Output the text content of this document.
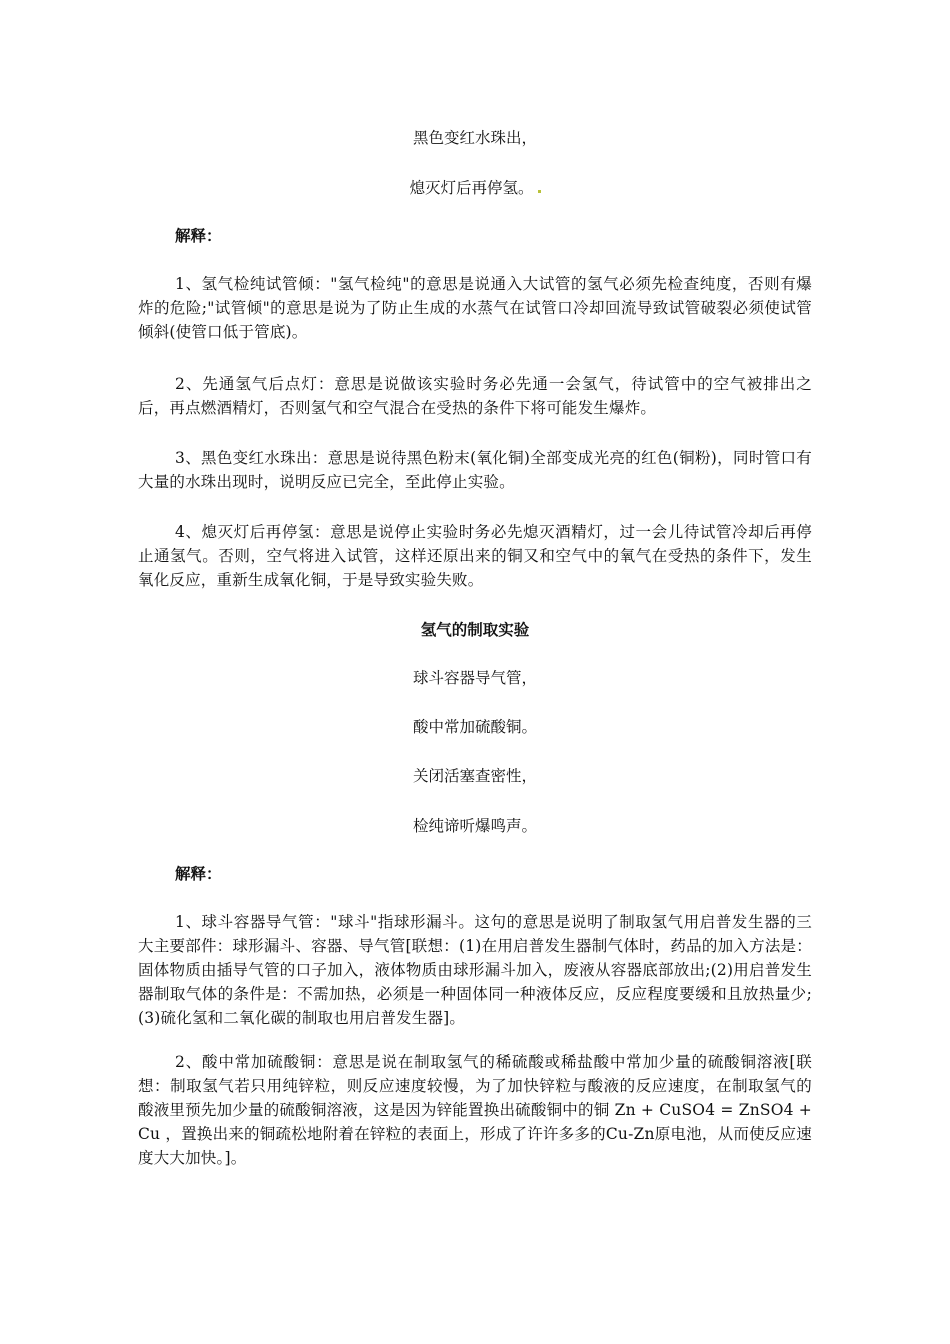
黑色变红水珠出，
熄灭灯后再停氢。
解释：
1、氢气检纯试管倾："氢气检纯"的意思是说通入大试管的氢气必须先检查纯度，否则有爆炸的危险;"试管倾"的意思是说为了防止生成的水蒸气在试管口冷却回流导致试管破裂必须使试管倾斜(使管口低于管底)。
2、先通氢气后点灯：意思是说做该实验时务必先通一会氢气，待试管中的空气被排出之后，再点燃酒精灯，否则氢气和空气混合在受热的条件下将可能发生爆炸。
3、黑色变红水珠出：意思是说待黑色粉末(氧化铜)全部变成光亮的红色(铜粉)，同时管口有大量的水珠出现时，说明反应已完全，至此停止实验。
4、熄灭灯后再停氢：意思是说停止实验时务必先熄灭酒精灯，过一会儿待试管冷却后再停止通氢气。否则，空气将进入试管，这样还原出来的铜又和空气中的氧气在受热的条件下，发生氧化反应，重新生成氧化铜，于是导致实验失败。
氢气的制取实验
球斗容器导气管，
酸中常加硫酸铜。
关闭活塞查密性，
检纯谛听爆鸣声。
解释：
1、球斗容器导气管："球斗"指球形漏斗。这句的意思是说明了制取氢气用启普发生器的三大主要部件：球形漏斗、容器、导气管[联想：(1)在用启普发生器制气体时，药品的加入方法是：固体物质由插导气管的口子加入，液体物质由球形漏斗加入，废液从容器底部放出;(2)用启普发生器制取气体的条件是：不需加热，必须是一种固体同一种液体反应，反应程度要缓和且放热量少;(3)硫化氢和二氧化碳的制取也用启普发生器]。
2、酸中常加硫酸铜：意思是说在制取氢气的稀硫酸或稀盐酸中常加少量的硫酸铜溶液[联想：制取氢气若只用纯锌粒，则反应速度较慢，为了加快锌粒与酸液的反应速度，在制取氢气的酸液里预先加少量的硫酸铜溶液，这是因为锌能置换出硫酸铜中的铜 Zn + CuSO4 = ZnSO4 + Cu ，置换出来的铜疏松地附着在锌粒的表面上，形成了许许多多的Cu-Zn原电池，从而使反应速度大大加快。]。
